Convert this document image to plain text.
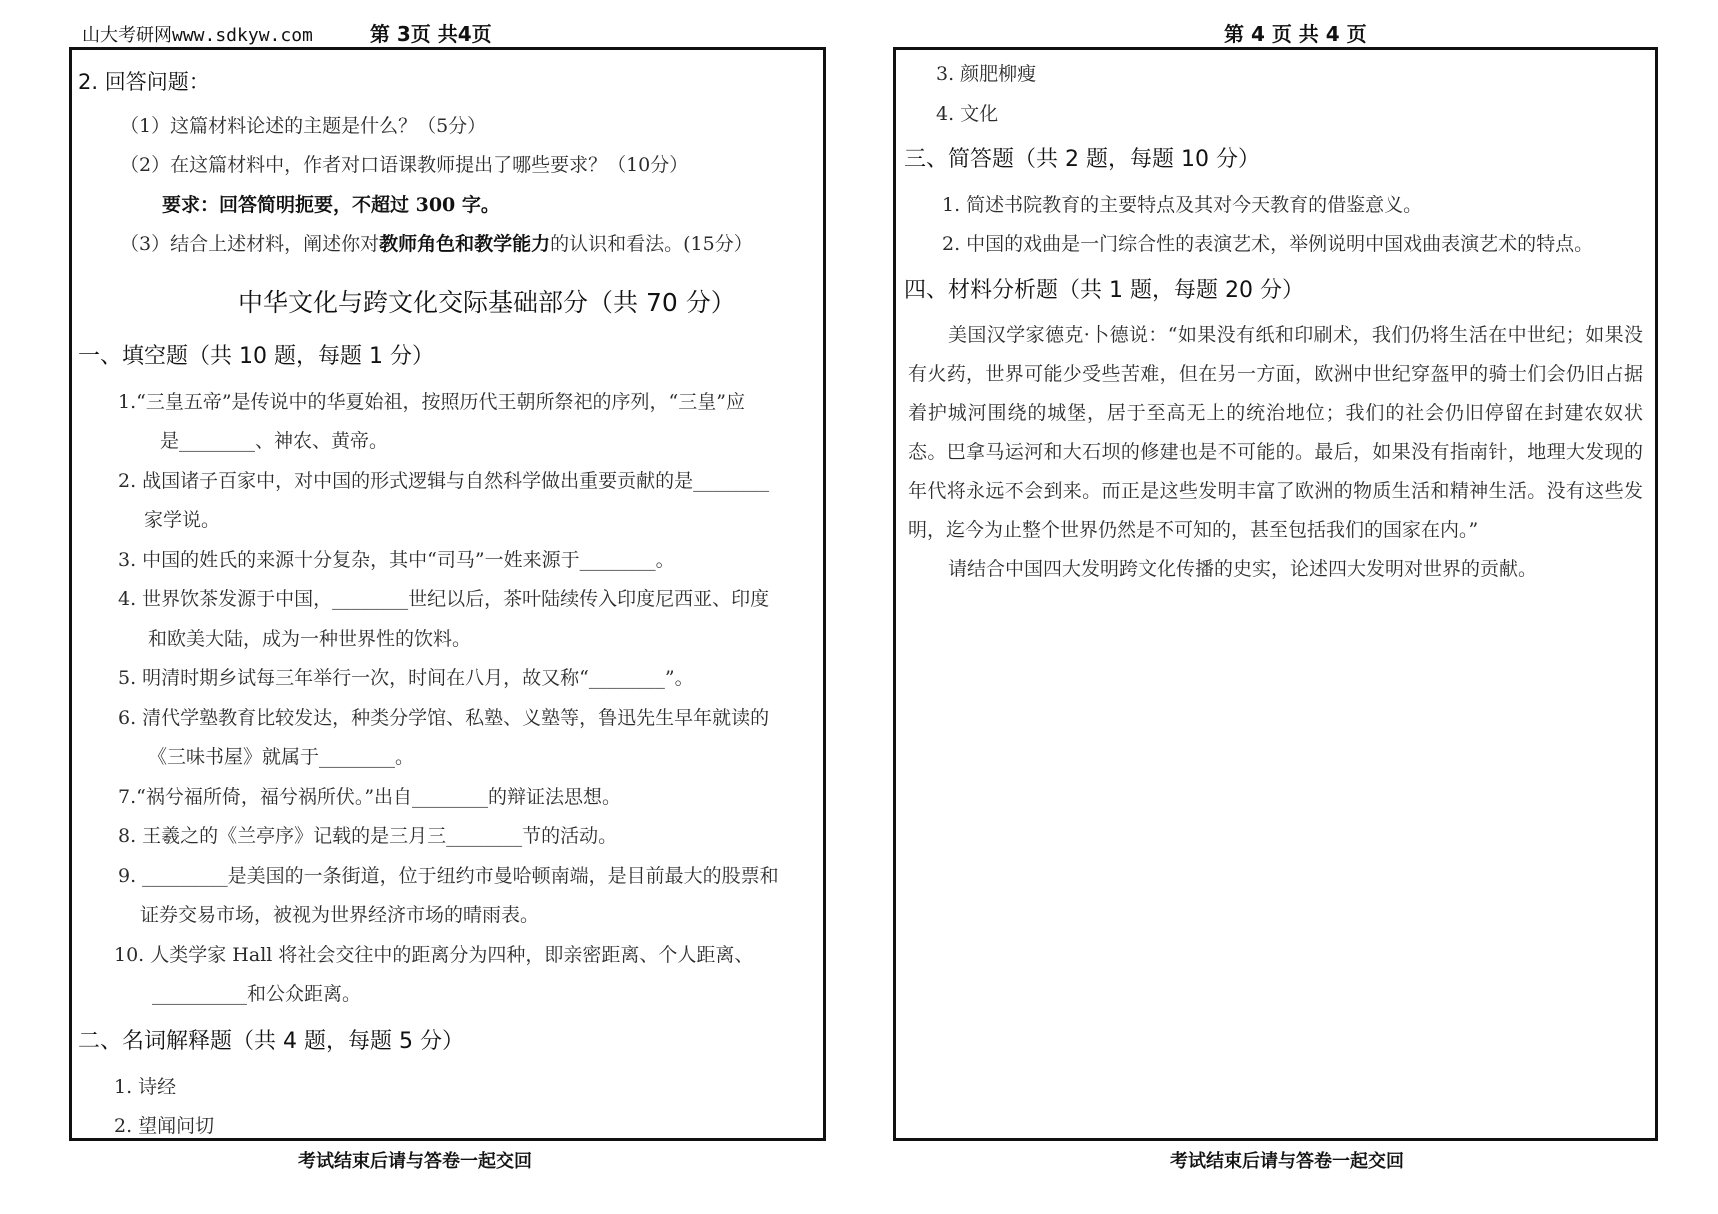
山大考研网www.sdkyw.com	第 3页 共4页	第 4 页 共 4 页
2. 回答问题：
（1）这篇材料论述的主题是什么？（5分）
（2）在这篇材料中，作者对口语课教师提出了哪些要求？（10分）
要求：回答简明扼要，不超过 300 字。
（3）结合上述材料，阐述你对教师角色和教学能力的认识和看法。(15分）
中华文化与跨文化交际基础部分（共 70 分）
一、填空题（共 10 题，每题 1 分）
1.“三皇五帝”是传说中的华夏始祖，按照历代王朝所祭祀的序列，“三皇”应
是________、神农、黄帝。
2. 战国诸子百家中，对中国的形式逻辑与自然科学做出重要贡献的是________
家学说。
3. 中国的姓氏的来源十分复杂，其中“司马”一姓来源于________。
4. 世界饮茶发源于中国，________世纪以后，茶叶陆续传入印度尼西亚、印度
和欧美大陆，成为一种世界性的饮料。
5. 明清时期乡试每三年举行一次，时间在八月，故又称“________”。
6. 清代学塾教育比较发达，种类分学馆、私塾、义塾等，鲁迅先生早年就读的
《三味书屋》就属于________。
7.“祸兮福所倚，福兮祸所伏。”出自________的辩证法思想。
8. 王羲之的《兰亭序》记载的是三月三________节的活动。
9. _________是美国的一条街道，位于纽约市曼哈顿南端，是目前最大的股票和
证券交易市场，被视为世界经济市场的晴雨表。
10. 人类学家 Hall 将社会交往中的距离分为四种，即亲密距离、个人距离、
__________和公众距离。
二、名词解释题（共 4 题，每题 5 分）
1. 诗经
2. 望闻问切
考试结束后请与答卷一起交回
3. 颜肥柳瘦
4. 文化
三、简答题（共 2 题，每题 10 分）
1. 简述书院教育的主要特点及其对今天教育的借鉴意义。
2. 中国的戏曲是一门综合性的表演艺术，举例说明中国戏曲表演艺术的特点。
四、材料分析题（共 1 题，每题 20 分）
美国汉学家德克·卜德说：“如果没有纸和印刷术，我们仍将生活在中世纪；如果没有火药，世界可能少受些苦难，但在另一方面，欧洲中世纪穿盔甲的骑士们会仍旧占据着护城河围绕的城堡，居于至高无上的统治地位；我们的社会仍旧停留在封建农奴状态。巴拿马运河和大石坝的修建也是不可能的。最后，如果没有指南针，地理大发现的年代将永远不会到来。而正是这些发明丰富了欧洲的物质生活和精神生活。没有这些发明，迄今为止整个世界仍然是不可知的，甚至包括我们的国家在内。”
请结合中国四大发明跨文化传播的史实，论述四大发明对世界的贡献。
考试结束后请与答卷一起交回
